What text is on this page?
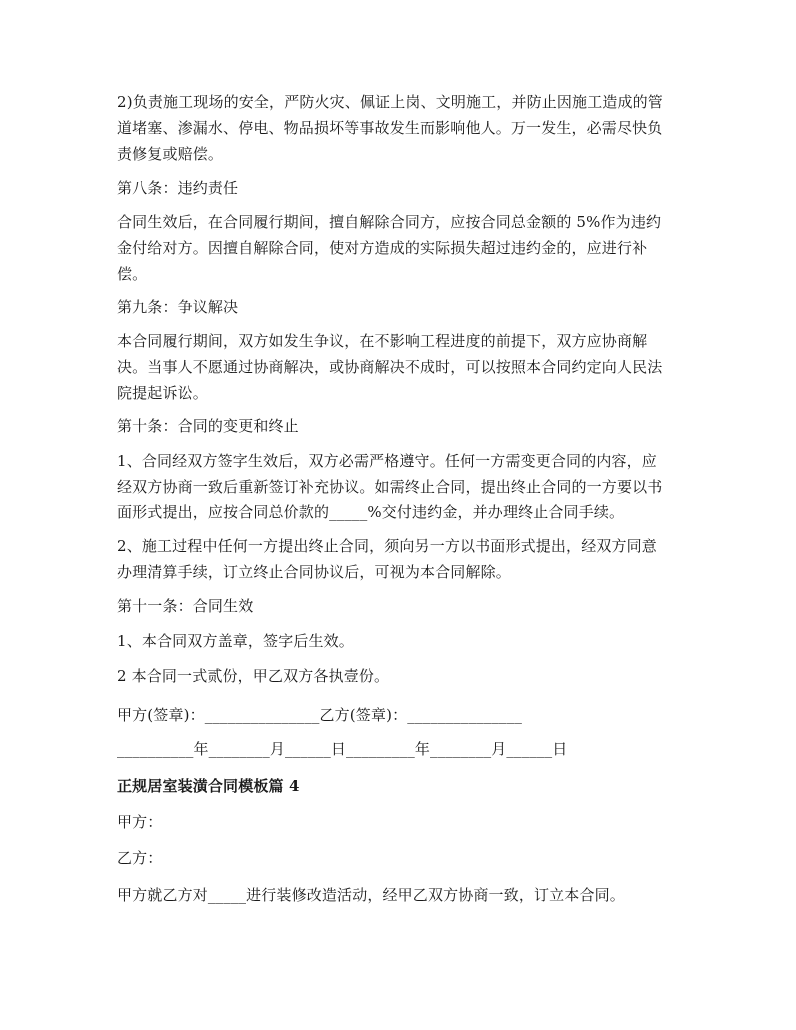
2)负责施工现场的安全，严防火灾、佩证上岗、文明施工，并防止因施工造成的管
道堵塞、渗漏水、停电、物品损坏等事故发生而影响他人。万一发生，必需尽快负
责修复或赔偿。
第八条：违约责任
合同生效后，在合同履行期间，擅自解除合同方，应按合同总金额的 5%作为违约
金付给对方。因擅自解除合同，使对方造成的实际损失超过违约金的，应进行补
偿。
第九条：争议解决
本合同履行期间，双方如发生争议，在不影响工程进度的前提下，双方应协商解
决。当事人不愿通过协商解决，或协商解决不成时，可以按照本合同约定向人民法
院提起诉讼。
第十条：合同的变更和终止
1、合同经双方签字生效后，双方必需严格遵守。任何一方需变更合同的内容，应
经双方协商一致后重新签订补充协议。如需终止合同，提出终止合同的一方要以书
面形式提出，应按合同总价款的_____%交付违约金，并办理终止合同手续。
2、施工过程中任何一方提出终止合同，须向另一方以书面形式提出，经双方同意
办理清算手续，订立终止合同协议后，可视为本合同解除。
第十一条：合同生效
1、本合同双方盖章，签字后生效。
2 本合同一式贰份，甲乙双方各执壹份。
甲方(签章)：_______________乙方(签章)：_______________
__________年________月______日_________年________月______日
正规居室装潢合同模板篇 4
甲方：
乙方：
甲方就乙方对_____进行装修改造活动，经甲乙双方协商一致，订立本合同。
